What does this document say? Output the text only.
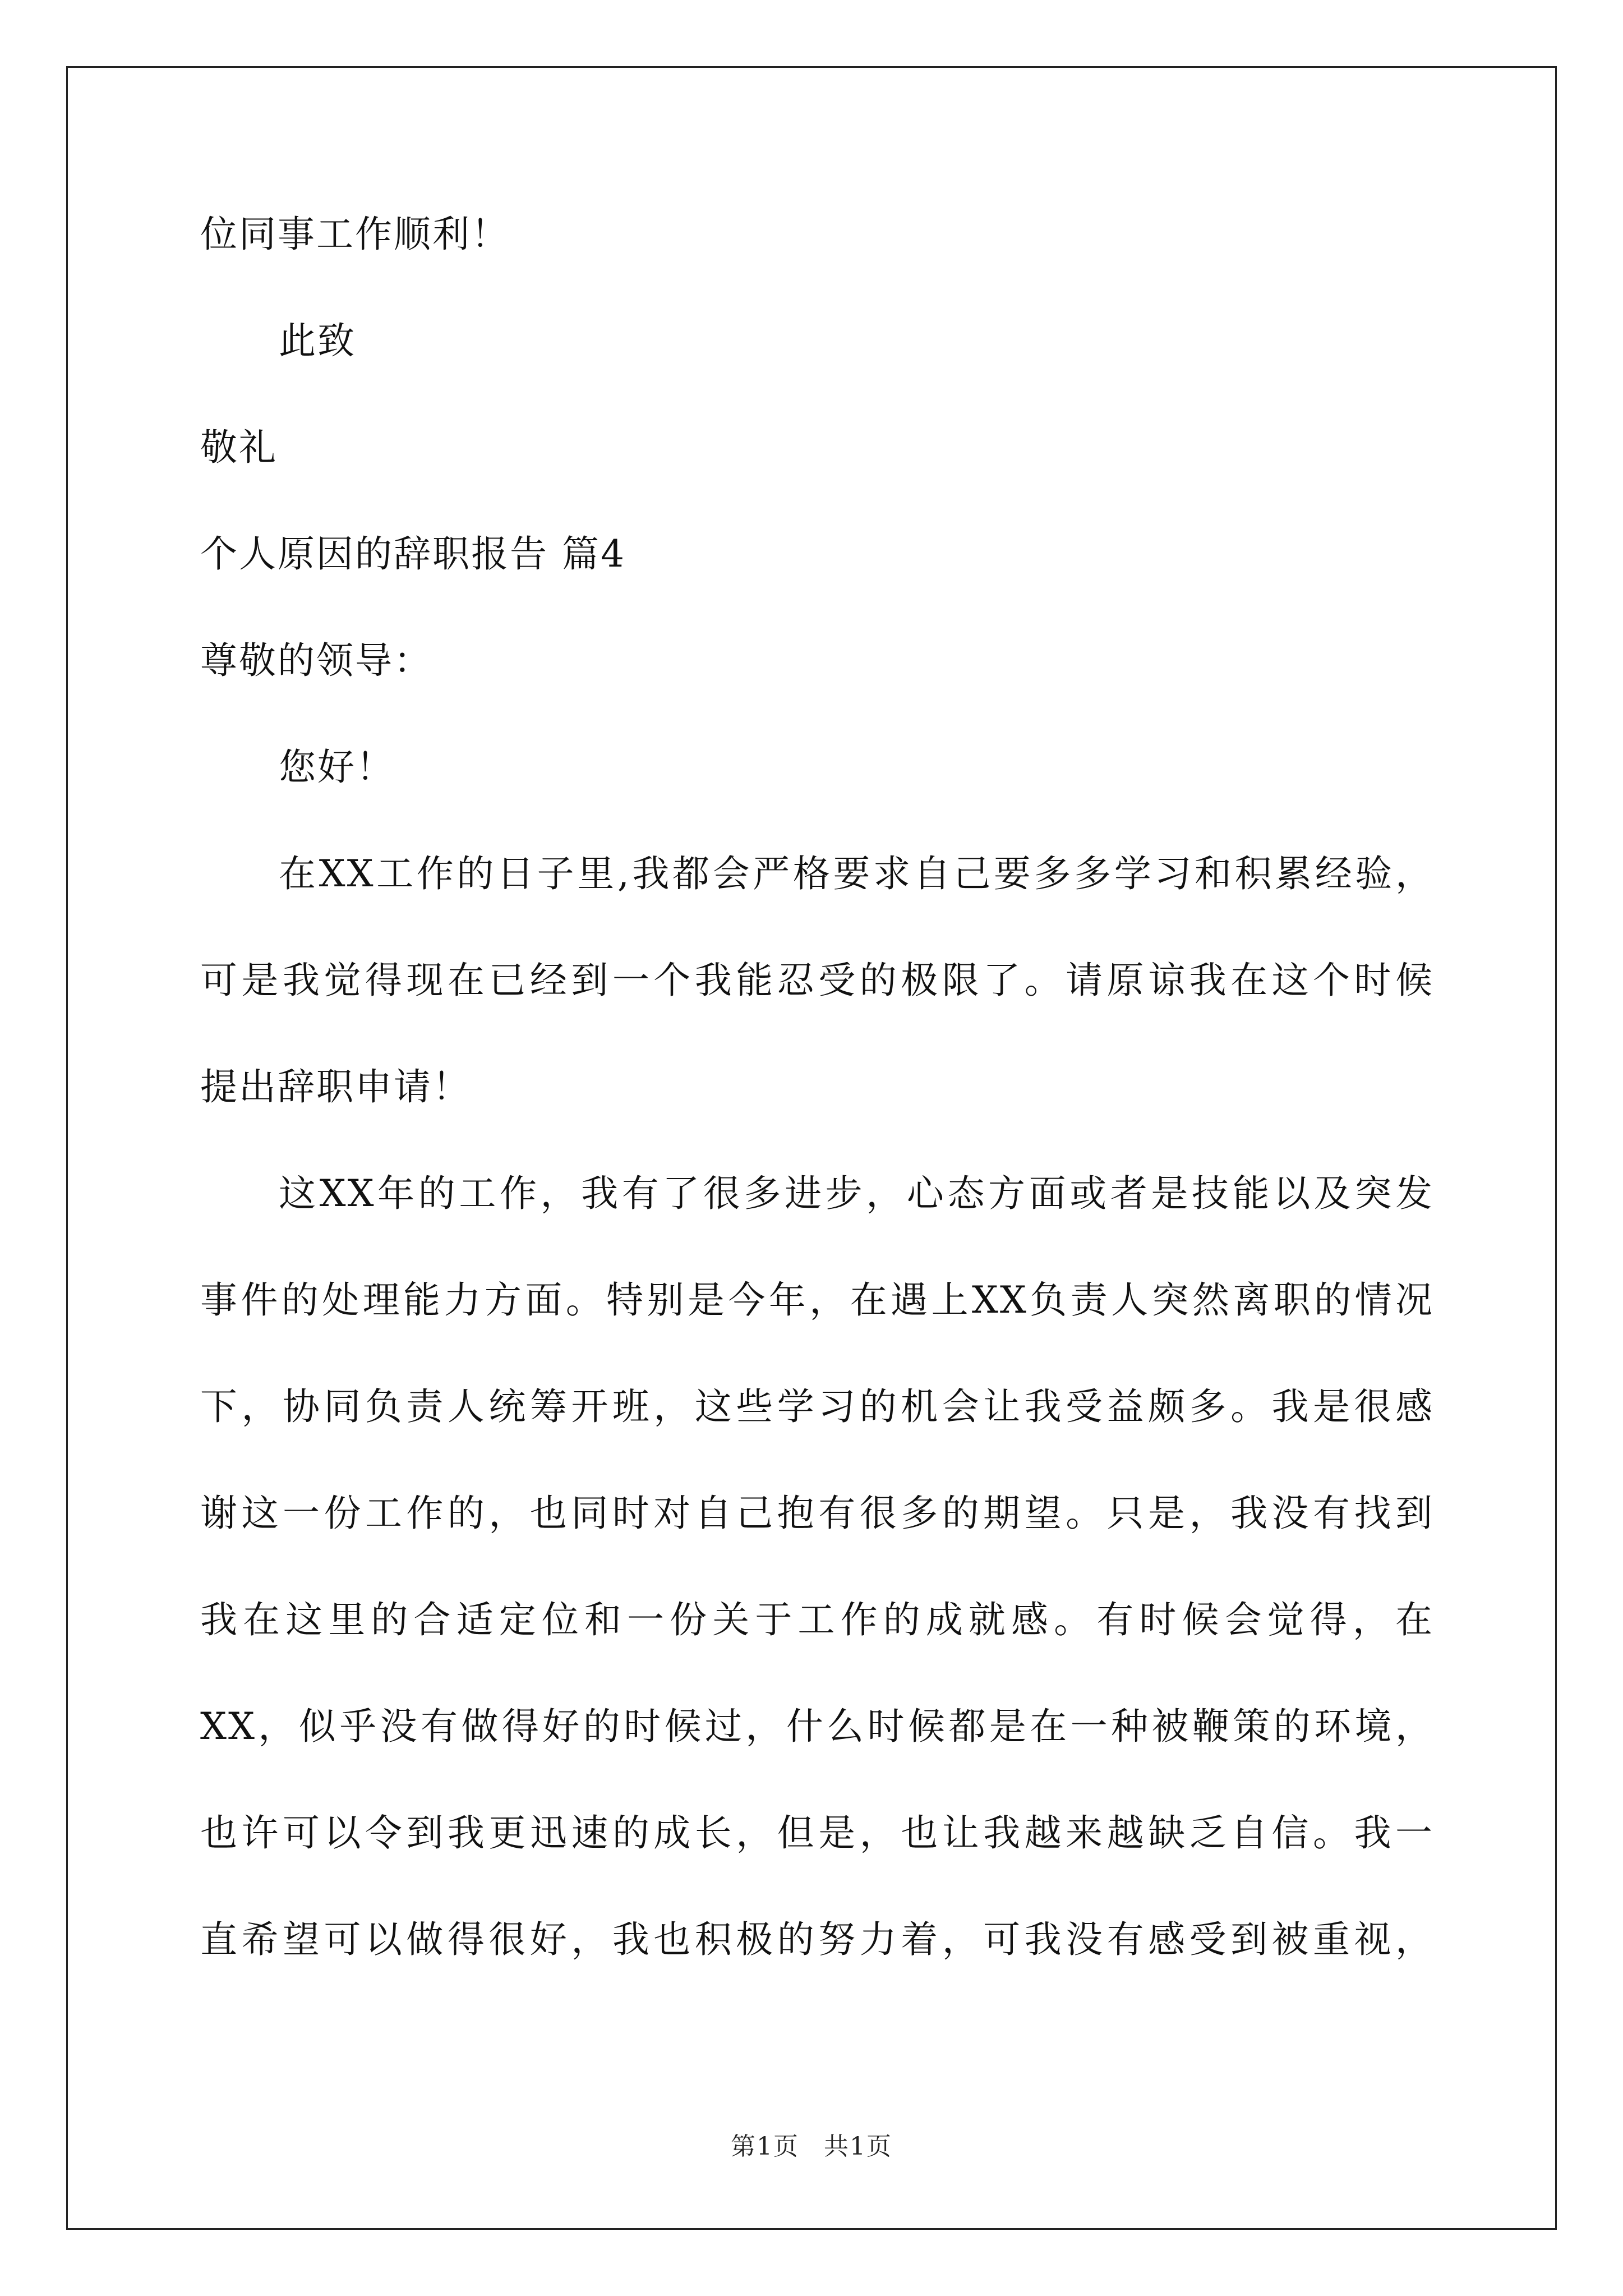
位同事工作顺利！
此致
敬礼
个人原因的辞职报告 篇4
尊敬的领导：
您好！
在XX工作的日子里,我都会严格要求自己要多多学习和积累经验，
可是我觉得现在已经到一个我能忍受的极限了。请原谅我在这个时候
提出辞职申请！
这XX年的工作，我有了很多进步，心态方面或者是技能以及突发
事件的处理能力方面。特别是今年，在遇上XX负责人突然离职的情况
下，协同负责人统筹开班，这些学习的机会让我受益颇多。我是很感
谢这一份工作的，也同时对自己抱有很多的期望。只是，我没有找到
我在这里的合适定位和一份关于工作的成就感。有时候会觉得，在
XX，似乎没有做得好的时候过，什么时候都是在一种被鞭策的环境，
也许可以令到我更迅速的成长，但是，也让我越来越缺乏自信。我一
直希望可以做得很好，我也积极的努力着，可我没有感受到被重视，
第1页 共1页
